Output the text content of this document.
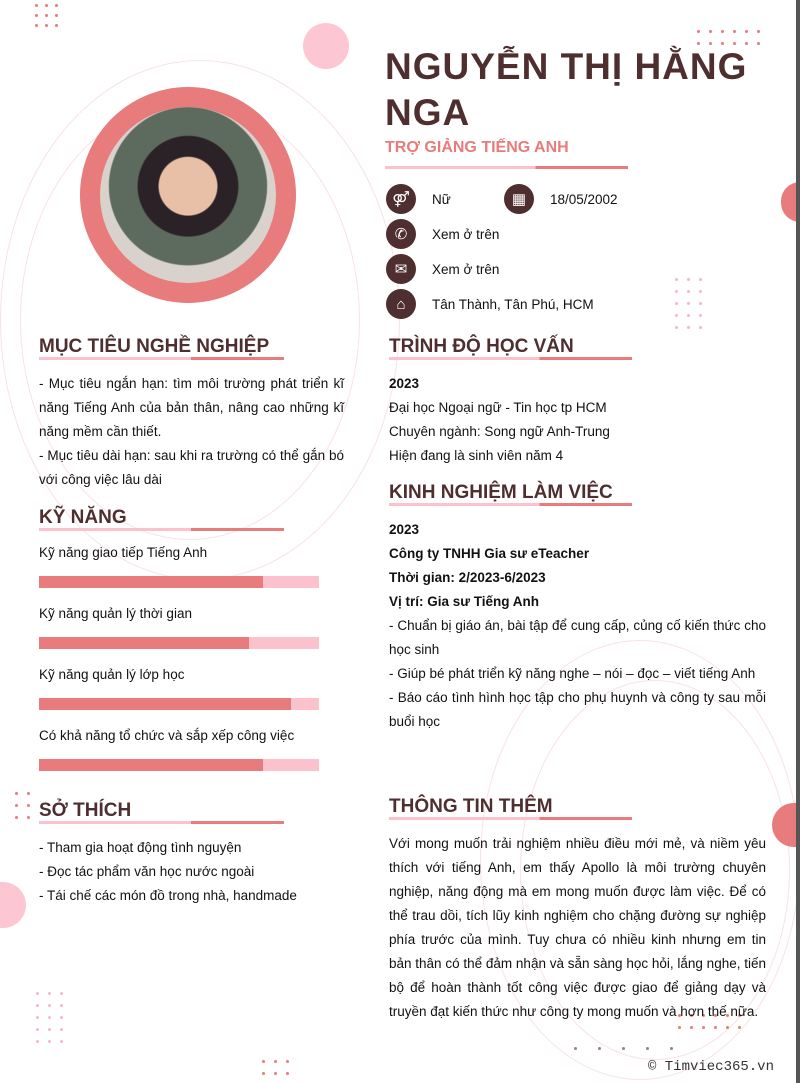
NGUYỄN THỊ HẰNG NGA
TRỢ GIẢNG TIẾNG ANH
⚤	Nữ	▦	18/05/2002
✆	Xem ở trên
✉	Xem ở trên
⌂	Tân Thành, Tân Phú, HCM
MỤC TIÊU NGHỀ NGHIỆP
- Mục tiêu ngắn hạn: tìm môi trường phát triển kĩ năng Tiếng Anh của bản thân, nâng cao những kĩ năng mềm cần thiết.
- Mục tiêu dài hạn: sau khi ra trường có thể gắn bó với công việc lâu dài
KỸ NĂNG
Kỹ năng giao tiếp Tiếng Anh
Kỹ năng quản lý thời gian
Kỹ năng quản lý lớp học
Có khả năng tổ chức và sắp xếp công việc
SỞ THÍCH
- Tham gia hoạt động tình nguyện
- Đọc tác phẩm văn học nước ngoài
- Tái chế các món đồ trong nhà, handmade
TRÌNH ĐỘ HỌC VẤN
2023
Đại học Ngoại ngữ - Tin học tp HCM
Chuyên ngành: Song ngữ Anh-Trung
Hiện đang là sinh viên năm 4
KINH NGHIỆM LÀM VIỆC
2023
Công ty TNHH Gia sư eTeacher
Thời gian: 2/2023-6/2023
Vị trí: Gia sư Tiếng Anh
- Chuẩn bị giáo án, bài tập để cung cấp, củng cố kiến thức cho học sinh
- Giúp bé phát triển kỹ năng nghe – nói – đọc – viết tiếng Anh
- Báo cáo tình hình học tập cho phụ huynh và công ty sau mỗi buổi học
THÔNG TIN THÊM
Với mong muốn trải nghiệm nhiều điều mới mẻ, và niềm yêu thích với tiếng Anh, em thấy Apollo là môi trường chuyên nghiệp, năng động mà em mong muốn được làm việc. Để có thể trau dồi, tích lũy kinh nghiệm cho chặng đường sự nghiệp phía trước của mình. Tuy chưa có nhiều kinh nhưng em tin bản thân có thể đảm nhận và sẵn sàng học hỏi, lắng nghe, tiến bộ để hoàn thành tốt công việc được giao để giảng dạy và truyền đạt kiến thức như công ty mong muốn và hơn thế nữa.
© Timviec365.vn
